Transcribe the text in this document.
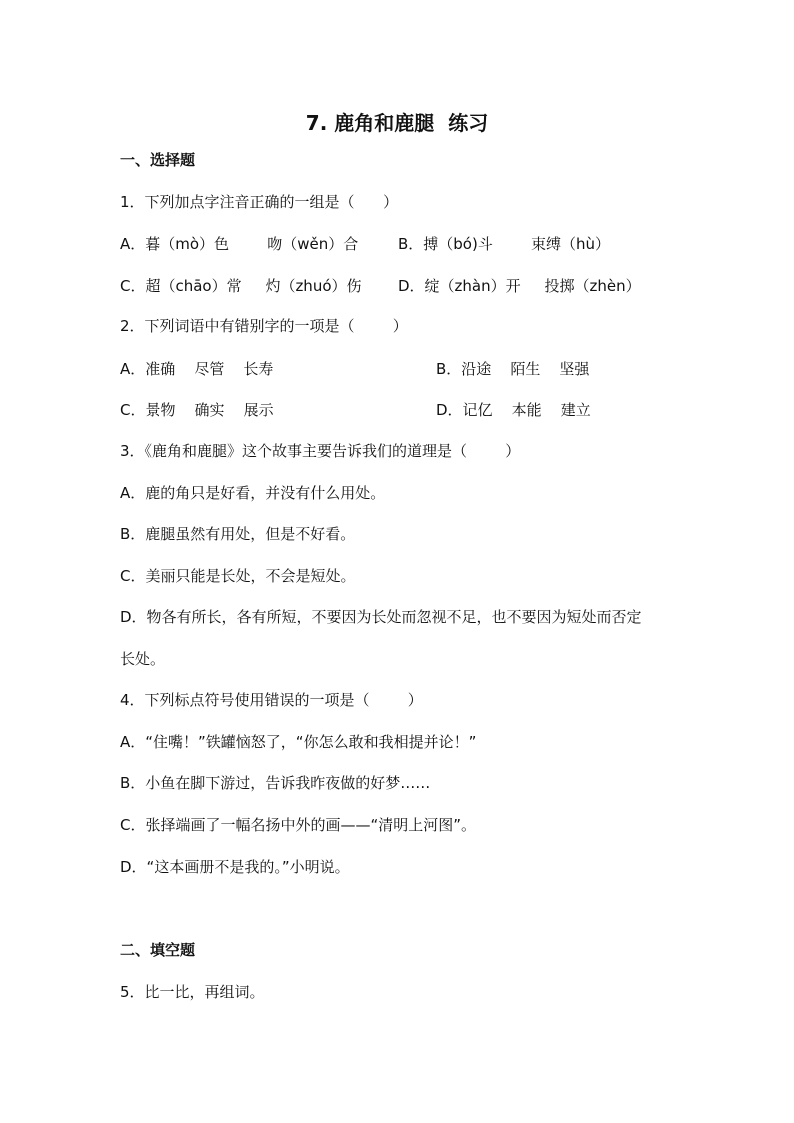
7. 鹿角和鹿腿  练习
一、选择题
1．下列加点字注音正确的一组是（      ）
A．暮（mò）色        吻（wěn）合	B．搏（bó)斗        束缚（hù）
C．超（chāo）常     灼（zhuó）伤 D．绽（zhàn）开     投掷（zhèn）
2．下列词语中有错别字的一项是（        ）
A．准确    尽管    长寿	B．沿途    陌生    坚强
C．景物    确实    展示	D．记亿    本能    建立
3．《鹿角和鹿腿》这个故事主要告诉我们的道理是（        ）
A．鹿的角只是好看，并没有什么用处。
B．鹿腿虽然有用处，但是不好看。
C．美丽只能是长处，不会是短处。
D．物各有所长，各有所短，不要因为长处而忽视不足，也不要因为短处而否定
长处。
4．下列标点符号使用错误的一项是（        ）
A．“住嘴！”铁罐恼怒了，“你怎么敢和我相提并论！”
B．小鱼在脚下游过，告诉我昨夜做的好梦……
C．张择端画了一幅名扬中外的画——“清明上河图”。
D．“这本画册不是我的。”小明说。
二、填空题
5．比一比，再组词。
